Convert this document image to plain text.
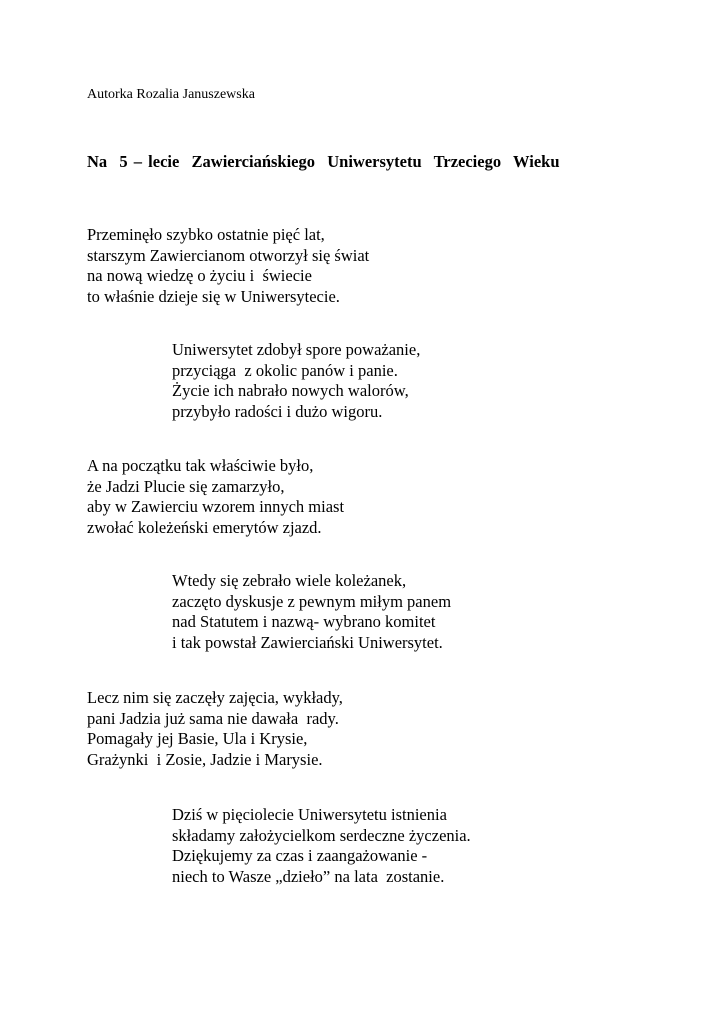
Autorka Rozalia Januszewska
Na  5 – lecie  Zawierciańskiego  Uniwersytetu  Trzeciego  Wieku
Przeminęło szybko ostatnie pięć lat,
starszym Zawiercianom otworzył się świat
na nową wiedzę o życiu i  świecie
to właśnie dzieje się w Uniwersytecie.
Uniwersytet zdobył spore poważanie,
przyciąga  z okolic panów i panie.
Życie ich nabrało nowych walorów,
przybyło radości i dużo wigoru.
A na początku tak właściwie było,
że Jadzi Plucie się zamarzyło,
aby w Zawierciu wzorem innych miast
zwołać koleżeński emerytów zjazd.
Wtedy się zebrało wiele koleżanek,
zaczęto dyskusje z pewnym miłym panem
nad Statutem i nazwą- wybrano komitet
i tak powstał Zawierciański Uniwersytet.
Lecz nim się zaczęły zajęcia, wykłady,
pani Jadzia już sama nie dawała  rady.
Pomagały jej Basie, Ula i Krysie,
Grażynki  i Zosie, Jadzie i Marysie.
Dziś w pięciolecie Uniwersytetu istnienia
składamy założycielkom serdeczne życzenia.
Dziękujemy za czas i zaangażowanie -
niech to Wasze „dzieło” na lata  zostanie.
